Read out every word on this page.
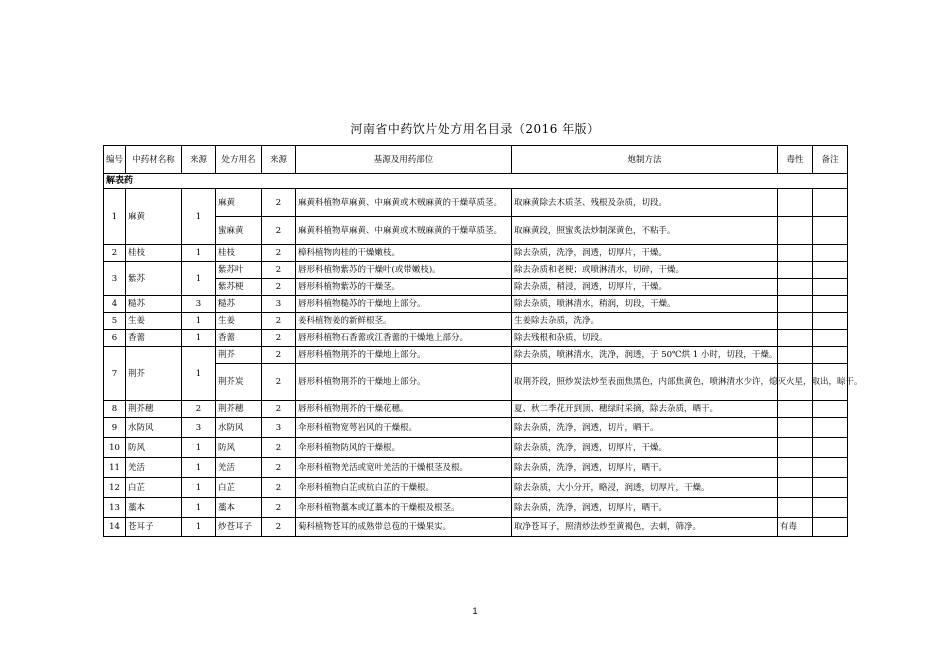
河南省中药饮片处方用名目录（2016 年版）
编号	中药材名称	来源	处方用名	来源	基源及用药部位	炮制方法	毒性	备注
解表药								
1	麻黄	1	麻黄	2	麻黄科植物草麻黄、中麻黄或木贼麻黄的干燥草质茎。	取麻黄除去木质茎、残根及杂质，切段。		
			蜜麻黄	2	麻黄科植物草麻黄、中麻黄或木贼麻黄的干燥草质茎。	取麻黄段，照蜜炙法炒制深黄色，不粘手。		
2	桂枝	1	桂枝	2	樟科植物肉桂的干燥嫩枝。	除去杂质，洗净，润透，切厚片，干燥。		
3	紫苏	1	紫苏叶	2	唇形科植物紫苏的干燥叶(或带嫩枝)。	除去杂质和老梗；或喷淋清水，切碎，干燥。		
			紫苏梗	2	唇形科植物紫苏的干燥茎。	除去杂质，稍浸，润透，切厚片，干燥。		
4	糙苏	3	糙苏	3	唇形科植物糙苏的干燥地上部分。	除去杂质，喷淋清水，稍润，切段，干燥。		
5	生姜	1	生姜	2	姜科植物姜的新鲜根茎。	生姜除去杂质，洗净。		
6	香薷	1	香薷	2	唇形科植物石香薷或江香薷的干燥地上部分。	除去残根和杂质，切段。		
7	荆芥	1	荆芥	2	唇形科植物荆芥的干燥地上部分。	除去杂质，喷淋清水，洗净，润透，于 50℃烘 1 小时，切段，干燥。		
			荆芥炭	2	唇形科植物荆芥的干燥地上部分。	取荆芥段，照炒炭法炒至表面焦黑色，内部焦黄色，喷淋清水少许，熄灭火星，取出，晾干。		
8	荆芥穗	2	荆芥穗	2	唇形科植物荆芥的干燥花穗。	夏、秋二季花开到顶、穗绿时采摘，除去杂质，晒干。		
9	水防风	3	水防风	3	伞形科植物宽萼岩风的干燥根。	除去杂质，洗净，润透，切片，晒干。		
10	防风	1	防风	2	伞形科植物防风的干燥根。	除去杂质，洗净，润透，切厚片，干燥。		
11	羌活	1	羌活	2	伞形科植物羌活或宽叶羌活的干燥根茎及根。	除去杂质，洗净，润透，切厚片，晒干。		
12	白芷	1	白芷	2	伞形科植物白芷或杭白芷的干燥根。	除去杂质，大小分开，略浸，润透，切厚片，干燥。		
13	藁本	1	藁本	2	伞形科植物藁本或辽藁本的干燥根及根茎。	除去杂质，洗净，润透，切厚片，晒干。		
14	苍耳子	1	炒苍耳子	2	菊科植物苍耳的成熟带总苞的干燥果实。	取净苍耳子，照清炒法炒至黄褐色，去刺，筛净。	有毒	
1
